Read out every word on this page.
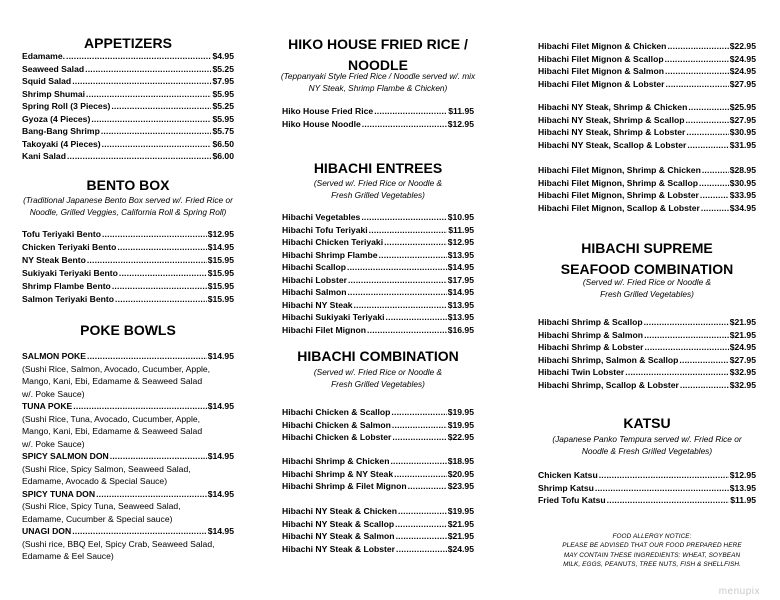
APPETIZERS
Edamame. .....	$4.95
Seaweed Salad .....	$5.25
Squid Salad .....	$7.95
Shrimp Shumai .....	$5.95
Spring Roll (3 Pieces) .....	$5.25
Gyoza (4 Pieces) .....	$5.95
Bang-Bang Shrimp .....	$5.75
Takoyaki (4 Pieces) .....	$6.50
Kani Salad .....	$6.00
BENTO BOX
(Traditional Japanese Bento Box served w/. Fried Rice or
Noodle, Grilled Veggies, California Roll & Spring Roll)
Tofu Teriyaki Bento .....	$12.95
Chicken Teriyaki Bento .....	$14.95
NY Steak Bento .....	$15.95
Sukiyaki Teriyaki Bento .....	$15.95
Shrimp Flambe Bento .....	$15.95
Salmon Teriyaki Bento .....	$15.95
POKE BOWLS
SALMON POKE .....	$14.95
(Sushi Rice, Salmon, Avocado, Cucumber, Apple,
Mango, Kani, Ebi, Edamame & Seaweed Salad
w/. Poke Sauce)
TUNA POKE .....	$14.95
(Sushi Rice, Tuna, Avocado, Cucumber, Apple,
Mango, Kani, Ebi, Edamame & Seaweed Salad
w/. Poke Sauce)
SPICY SALMON DON .....	$14.95
(Sushi Rice, Spicy Salmon, Seaweed Salad,
Edamame, Avocado & Special Sauce)
SPICY TUNA DON .....	$14.95
(Sushi Rice, Spicy Tuna, Seaweed Salad,
Edamame, Cucumber & Special sauce)
UNAGI DON .....	$14.95
(Sushi rice, BBQ Eel, Spicy Crab, Seaweed Salad,
Edamame & Eel Sauce)
HIKO HOUSE FRIED RICE /
NOODLE
(Teppanyaki Style Fried Rice / Noodle served w/. mix
NY Steak, Shrimp Flambe & Chicken)
Hiko House Fried Rice .....	$11.95
Hiko House Noodle .....	$12.95
HIBACHI ENTREES
(Served w/. Fried Rice or Noodle &
Fresh Grilled Vegetables)
Hibachi Vegetables .....	$10.95
Hibachi Tofu Teriyaki .....	$11.95
Hibachi Chicken Teriyaki .....	$12.95
Hibachi Shrimp Flambe .....	$13.95
Hibachi Scallop .....	$14.95
Hibachi Lobster .....	$17.95
Hibachi Salmon .....	$14.95
Hibachi NY Steak .....	$13.95
Hibachi Sukiyaki Teriyaki .....	$13.95
Hibachi Filet Mignon .....	$16.95
HIBACHI COMBINATION
(Served w/. Fried Rice or Noodle &
Fresh Grilled Vegetables)
Hibachi Chicken & Scallop .....	$19.95
Hibachi Chicken & Salmon .....	$19.95
Hibachi Chicken & Lobster .....	$22.95
Hibachi Shrimp & Chicken .....	$18.95
Hibachi Shrimp & NY Steak .....	$20.95
Hibachi Shrimp & Filet Mignon .....	$23.95
Hibachi NY Steak & Chicken .....	$19.95
Hibachi NY Steak & Scallop .....	$21.95
Hibachi NY Steak & Salmon .....	$21.95
Hibachi NY Steak & Lobster .....	$24.95
Hibachi Filet Mignon & Chicken .....	$22.95
Hibachi Filet Mignon & Scallop .....	$24.95
Hibachi Filet Mignon & Salmon .....	$24.95
Hibachi Filet Mignon & Lobster .....	$27.95
Hibachi NY Steak, Shrimp & Chicken .....	$25.95
Hibachi NY Steak, Shrimp & Scallop .....	$27.95
Hibachi NY Steak, Shrimp & Lobster .....	$30.95
Hibachi NY Steak, Scallop & Lobster .....	$31.95
Hibachi Filet Mignon, Shrimp & Chicken .....	$28.95
Hibachi Filet Mignon, Shrimp & Scallop .....	$30.95
Hibachi Filet Mignon, Shrimp & Lobster .....	$33.95
Hibachi Filet Mignon, Scallop & Lobster .....	$34.95
HIBACHI SUPREME
SEAFOOD COMBINATION
(Served w/. Fried Rice or Noodle &
Fresh Grilled Vegetables)
Hibachi Shrimp & Scallop .....	$21.95
Hibachi Shrimp & Salmon .....	$21.95
Hibachi Shrimp & Lobster .....	$24.95
Hibachi Shrimp, Salmon & Scallop .....	$27.95
Hibachi Twin Lobster .....	$32.95
Hibachi Shrimp, Scallop & Lobster .....	$32.95
KATSU
(Japanese Panko Tempura served w/. Fried Rice or
Noodle & Fresh Grilled Vegetables)
Chicken Katsu .....	$12.95
Shrimp Katsu .....	$13.95
Fried Tofu Katsu .....	$11.95
FOOD ALLERGY NOTICE:
PLEASE BE ADVISED THAT OUR FOOD PREPARED HERE
MAY CONTAIN THESE INGREDIENTS: WHEAT, SOYBEAN
MILK, EGGS, PEANUTS, TREE NUTS, FISH & SHELLFISH.
menupix
